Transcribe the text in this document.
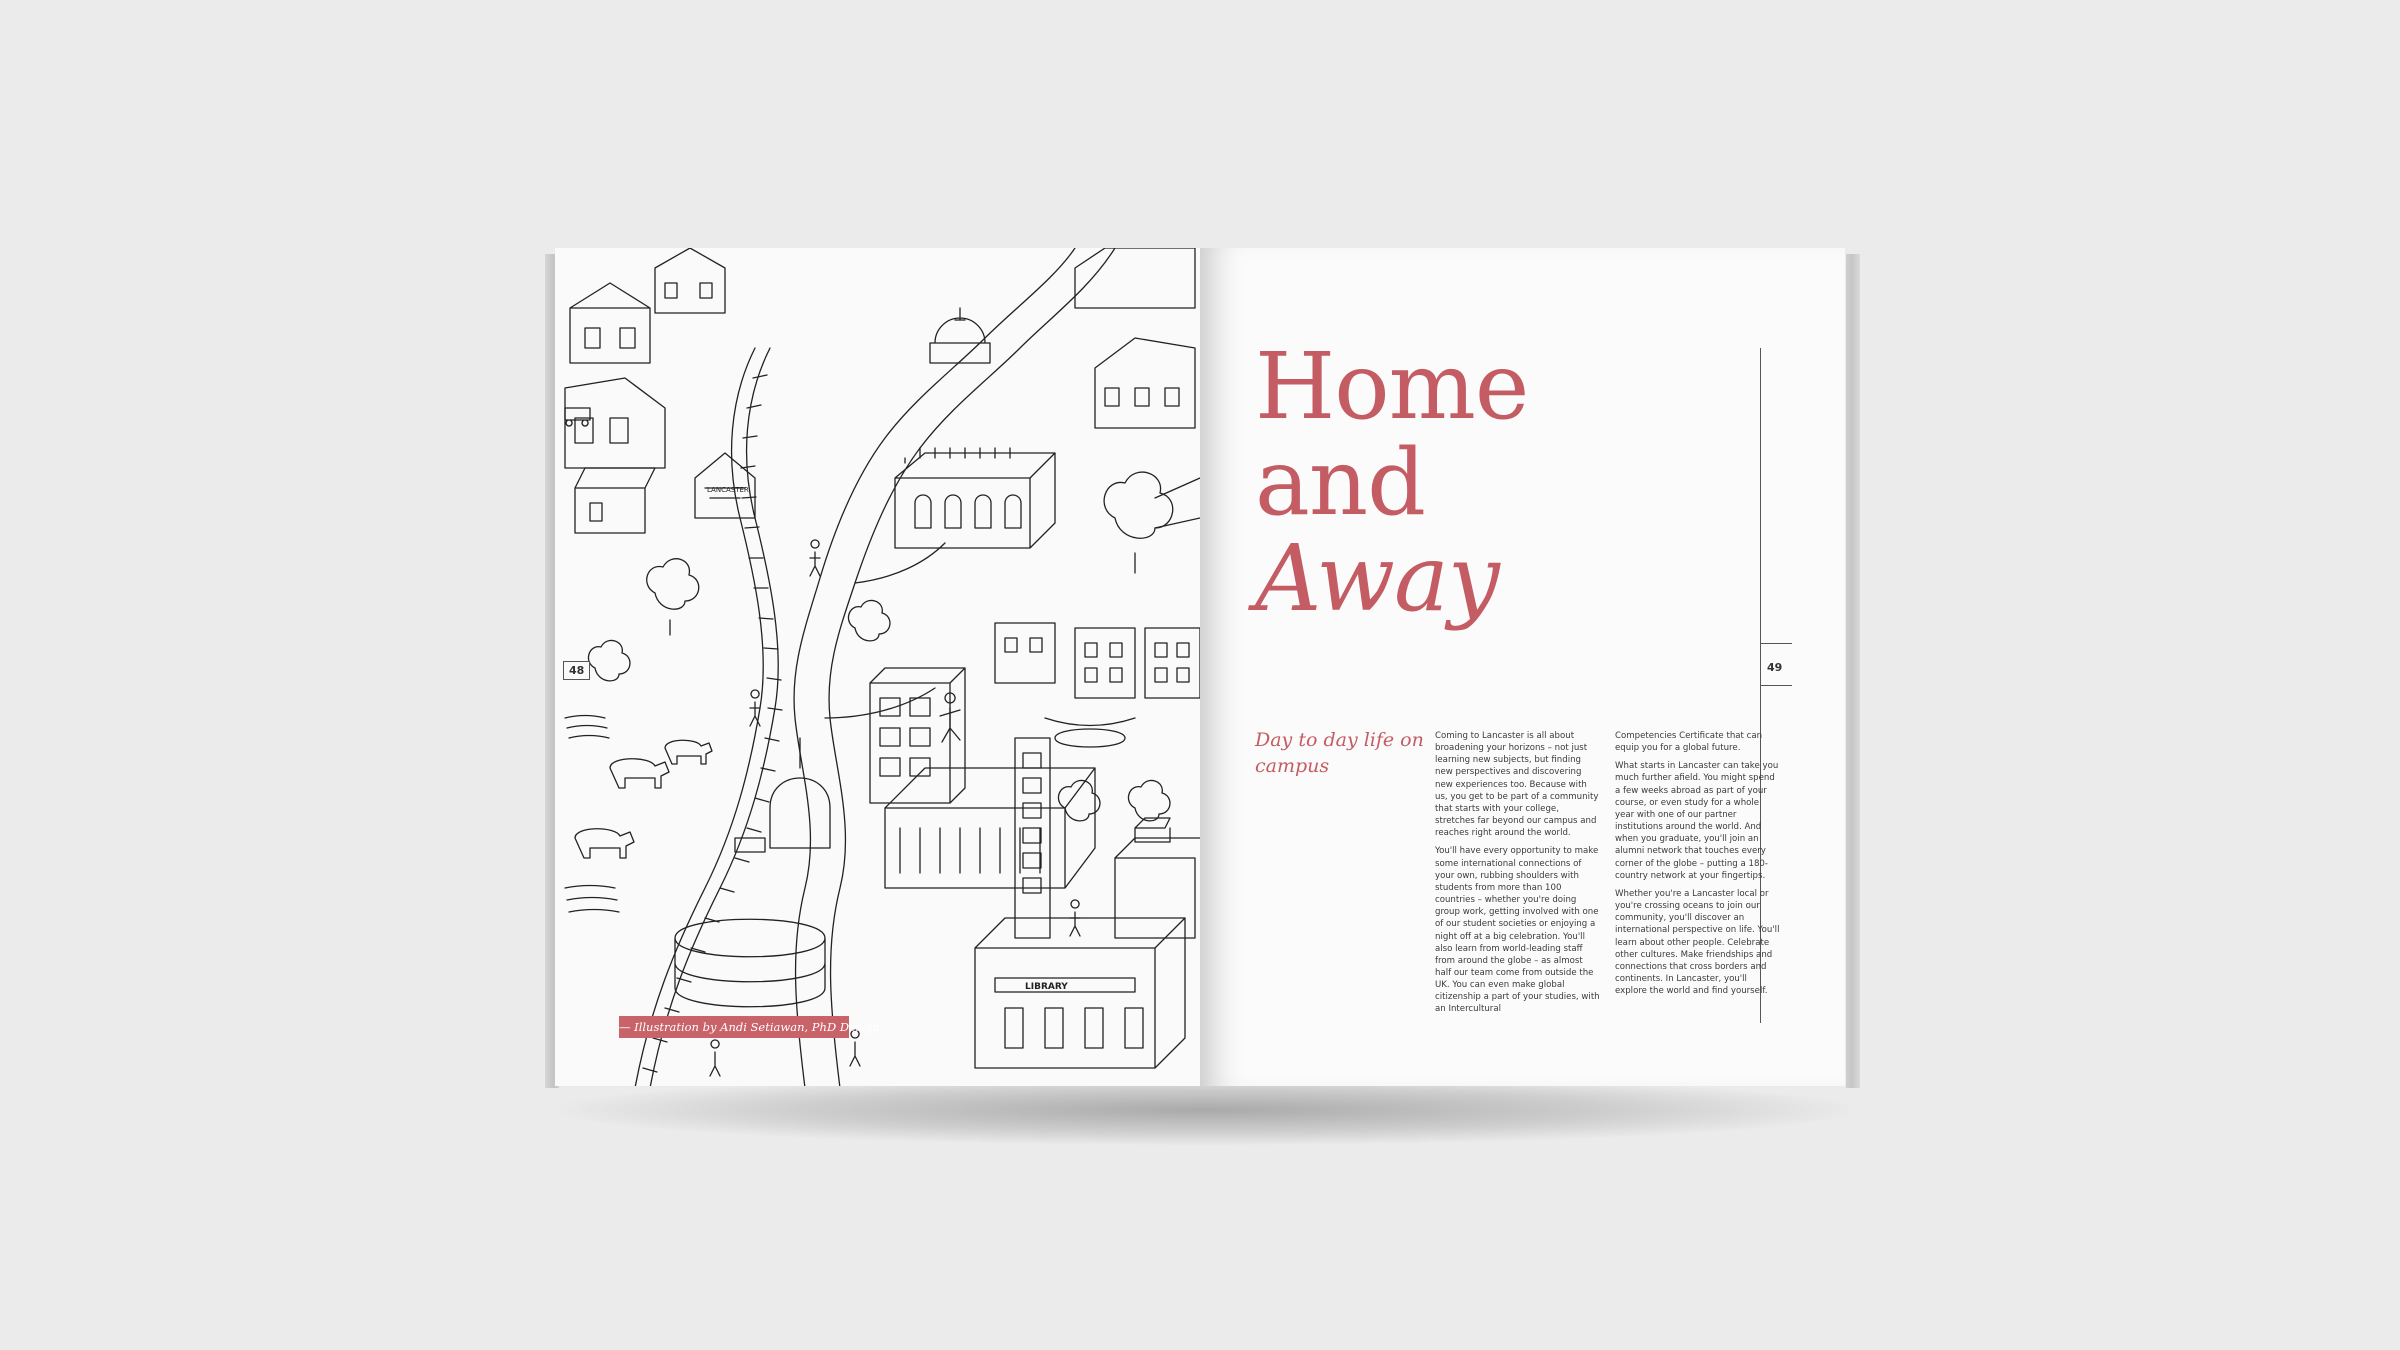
LANCASTER
LIBRARY
48
— Illustration by Andi Setiawan, PhD Design
Home
and
Away
49
Day to day life on campus

Coming to Lancaster is all about broadening your horizons – not just learning new subjects, but finding new perspectives and discovering new experiences too. Because with us, you get to be part of a community that starts with your college, stretches far beyond our campus and reaches right around the world.

You'll have every opportunity to make some international connections of your own, rubbing shoulders with students from more than 100 countries – whether you're doing group work, getting involved with one of our student societies or enjoying a night off at a big celebration. You'll also learn from world-leading staff from around the globe – as almost half our team come from outside the UK. You can even make global citizenship a part of your studies, with an Intercultural

Competencies Certificate that can equip you for a global future.

What starts in Lancaster can take you much further afield. You might spend a few weeks abroad as part of your course, or even study for a whole year with one of our partner institutions around the world. And when you graduate, you'll join an alumni network that touches every corner of the globe – putting a 180-country network at your fingertips.

Whether you're a Lancaster local or you're crossing oceans to join our community, you'll discover an international perspective on life. You'll learn about other people. Celebrate other cultures. Make friendships and connections that cross borders and continents. In Lancaster, you'll explore the world and find yourself.
